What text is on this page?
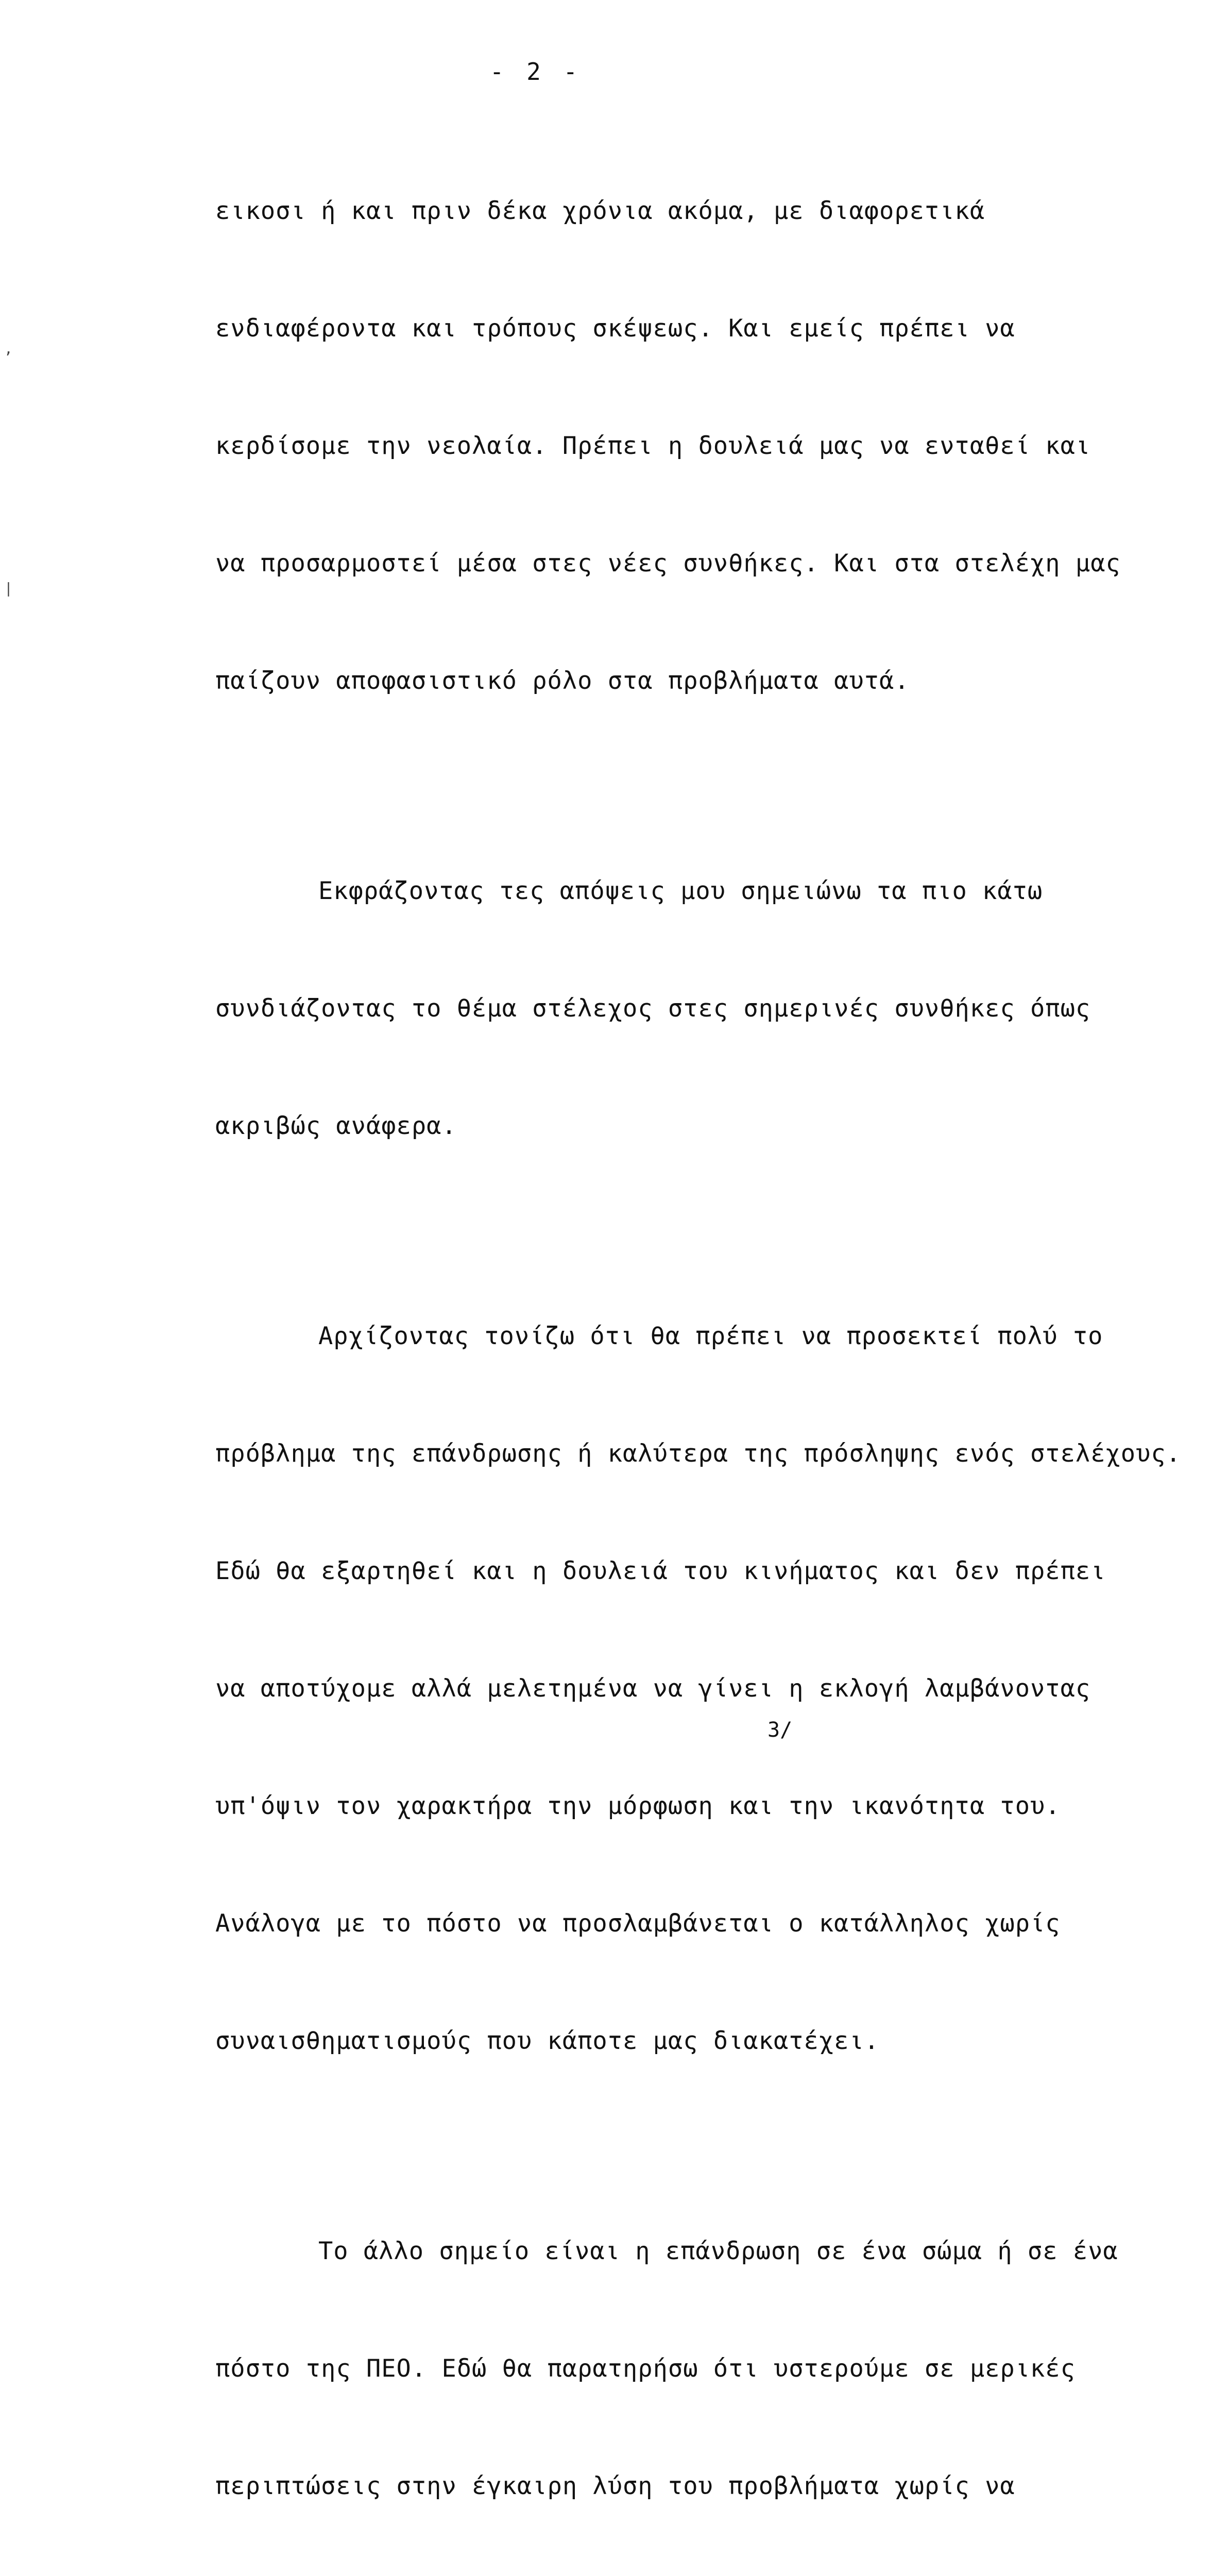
- 2 -
,
|

εικοσι ή και πριν δέκα χρόνια ακόμα, με διαφορετικά

ενδιαφέροντα και τρόπους σκέψεως. Και εμείς πρέπει να

κερδίσομε την νεολαία. Πρέπει η δουλειά μας να ενταθεί και

να προσαρμοστεί μέσα στες νέες συνθήκες. Και στα στελέχη μας

παίζουν αποφασιστικό ρόλο στα προβλήματα αυτά.

Εκφράζοντας τες απόψεις μου σημειώνω τα πιο κάτω

συνδιάζοντας το θέμα στέλεχος στες σημερινές συνθήκες όπως

ακριβώς ανάφερα.

Αρχίζοντας τονίζω ότι θα πρέπει να προσεκτεί πολύ το

πρόβλημα της επάνδρωσης ή καλύτερα της πρόσληψης ενός στελέχους.

Εδώ θα εξαρτηθεί και η δουλειά του κινήματος και δεν πρέπει

να αποτύχομε αλλά μελετημένα να γίνει η εκλογή λαμβάνοντας

υπ'όψιν τον χαρακτήρα την μόρφωση και την ικανότητα του.

Ανάλογα με το πόστο να προσλαμβάνεται ο κατάλληλος χωρίς

συναισθηματισμούς που κάποτε μας διακατέχει.

Το άλλο σημείο είναι η επάνδρωση σε ένα σώμα ή σε ένα

πόστο της ΠΕΟ. Εδώ θα παρατηρήσω ότι υστερούμε σε μερικές

περιπτώσεις στην έγκαιρη λύση του προβλήματα χωρίς να

3/
